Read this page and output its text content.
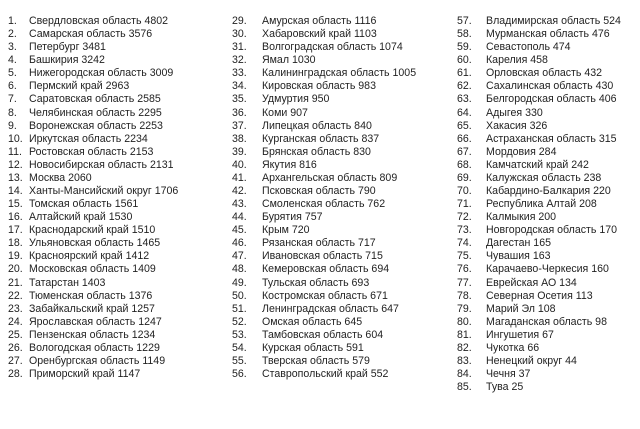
1.	Свердловская область 4802
2.	Самарская область 3576
3.	Петербург 3481
4.	Башкирия 3242
5.	Нижегородская область 3009
6.	Пермский край 2963
7.	Саратовская область 2585
8.	Челябинская область 2295
9.	Воронежская область 2253
10. Иркутская область 2234
11. Ростовская область 2153
12. Новосибирская область 2131
13. Москва 2060
14. Ханты-Мансийский округ 1706
15. Томская область 1561
16. Алтайский край 1530
17. Краснодарский край 1510
18. Ульяновская область 1465
19. Красноярский край 1412
20. Московская область 1409
21. Татарстан 1403
22. Тюменская область 1376
23. Забайкальский край 1257
24. Ярославская область 1247
25. Пензенская область 1234
26. Вологодская область 1229
27. Оренбургская область 1149
28. Приморский край 1147
29.	Амурская область 1116
30.	Хабаровский край 1103
31.	Волгоградская область 1074
32.	Ямал 1030
33.	Калининградская область 1005
34.	Кировская область 983
35.	Удмуртия 950
36.	Коми 907
37.	Липецкая область 840
38.	Курганская область 837
39.	Брянская область 830
40.	Якутия 816
41.	Архангельская область 809
42.	Псковская область 790
43.	Смоленская область 762
44.	Бурятия 757
45.	Крым 720
46.	Рязанская область 717
47.	Ивановская область 715
48.	Кемеровская область 694
49.	Тульская область 693
50.	Костромская область 671
51.	Ленинградская область 647
52.	Омская область 645
53.	Тамбовская область 604
54.	Курская область 591
55.	Тверская область 579
56.	Ставропольский край 552
57.	Владимирская область 524
58.	Мурманская область 476
59.	Севастополь 474
60.	Карелия 458
61.	Орловская область 432
62.	Сахалинская область 430
63.	Белгородская область 406
64.	Адыгея 330
65.	Хакасия 326
66.	Астраханская область 315
67.	Мордовия 284
68.	Камчатский край 242
69.	Калужская область 238
70.	Кабардино-Балкария 220
71.	Республика Алтай 208
72.	Калмыкия 200
73.	Новгородская область 170
74.	Дагестан 165
75.	Чувашия 163
76.	Карачаево-Черкесия 160
77.	Еврейская АО 134
78.	Северная Осетия 113
79.	Марий Эл 108
80.	Магаданская область 98
81.	Ингушетия 67
82.	Чукотка 66
83.	Ненецкий округ 44
84.	Чечня 37
85.	Тува 25
